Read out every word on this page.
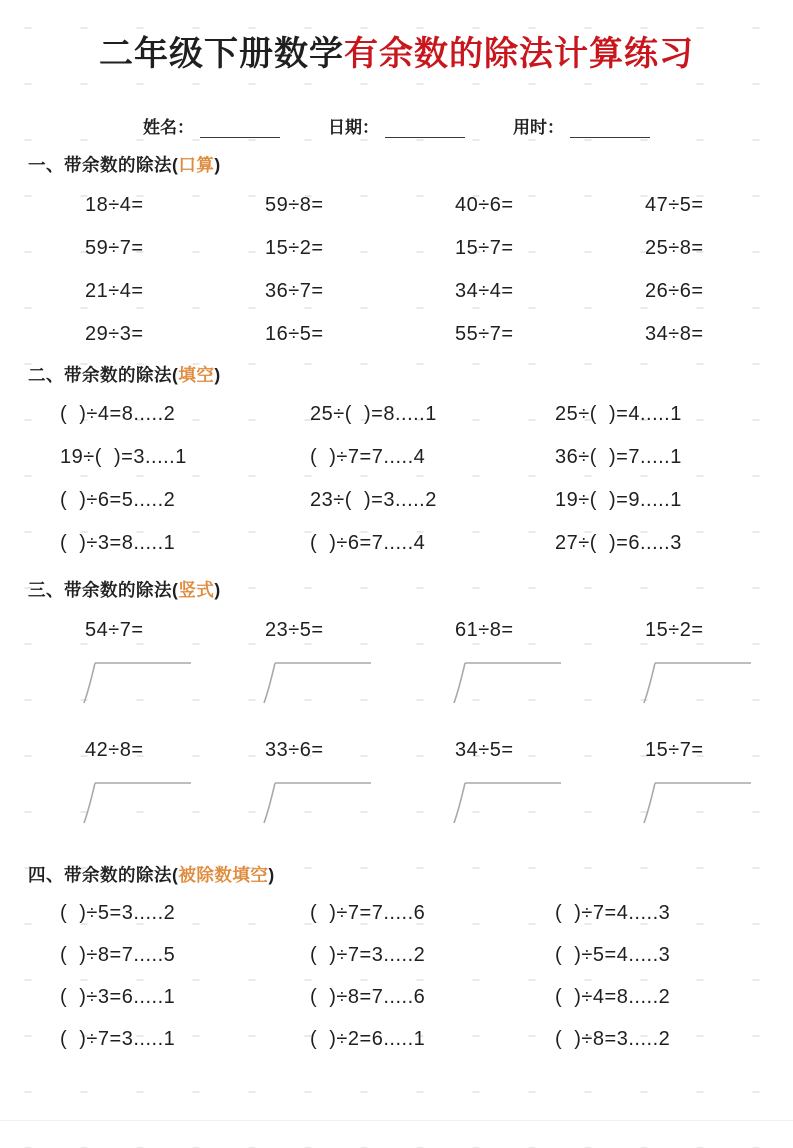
二年级下册数学有余数的除法计算练习
姓名：	日期：	用时：
一、带余数的除法(口算)
18÷4=	59÷8=	40÷6=	47÷5=
59÷7=	15÷2=	15÷7=	25÷8=
21÷4=	36÷7=	34÷4=	26÷6=
29÷3=	16÷5=	55÷7=	34÷8=
二、带余数的除法(填空)
(  )÷4=8.....2	25÷(  )=8.....1	25÷(  )=4.....1
19÷(  )=3.....1	(  )÷7=7.....4	36÷(  )=7.....1
(  )÷6=5.....2	23÷(  )=3.....2	19÷(  )=9.....1
(  )÷3=8.....1	(  )÷6=7.....4	27÷(  )=6.....3
三、带余数的除法(竖式)
54÷7=	23÷5=	61÷8=	15÷2=
42÷8=	33÷6=	34÷5=	15÷7=
四、带余数的除法(被除数填空)
(  )÷5=3.....2	(  )÷7=7.....6	(  )÷7=4.....3
(  )÷8=7.....5	(  )÷7=3.....2	(  )÷5=4.....3
(  )÷3=6.....1	(  )÷8=7.....6	(  )÷4=8.....2
(  )÷7=3.....1	(  )÷2=6.....1	(  )÷8=3.....2
